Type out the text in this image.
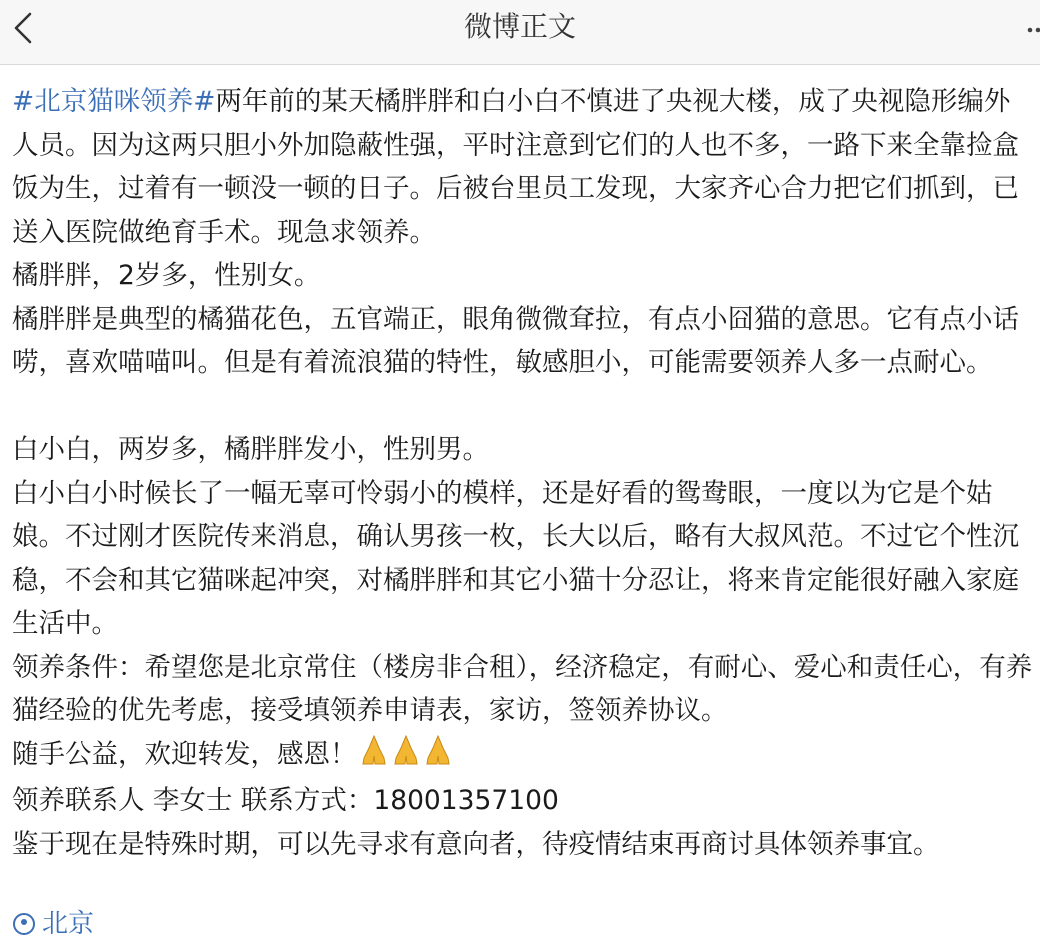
微博正文

#北京猫咪领养#两年前的某天橘胖胖和白小白不慎进了央视大楼，成了央视隐形编外人员。因为这两只胆小外加隐蔽性强，平时注意到它们的人也不多，一路下来全靠捡盒饭为生，过着有一顿没一顿的日子。后被台里员工发现，大家齐心合力把它们抓到，已送入医院做绝育手术。现急求领养。

橘胖胖，2岁多，性别女。

橘胖胖是典型的橘猫花色，五官端正，眼角微微耷拉，有点小囧猫的意思。它有点小话唠，喜欢喵喵叫。但是有着流浪猫的特性，敏感胆小，可能需要领养人多一点耐心。

白小白，两岁多，橘胖胖发小，性别男。

白小白小时候长了一幅无辜可怜弱小的模样，还是好看的鸳鸯眼，一度以为它是个姑娘。不过刚才医院传来消息，确认男孩一枚，长大以后，略有大叔风范。不过它个性沉稳，不会和其它猫咪起冲突，对橘胖胖和其它小猫十分忍让，将来肯定能很好融入家庭生活中。

领养条件：希望您是北京常住（楼房非合租），经济稳定，有耐心、爱心和责任心，有养猫经验的优先考虑，接受填领养申请表，家访，签领养协议。

随手公益，欢迎转发，感恩！

领养联系人 李女士 联系方式：18001357100

鉴于现在是特殊时期，可以先寻求有意向者，待疫情结束再商讨具体领养事宜。

北京
